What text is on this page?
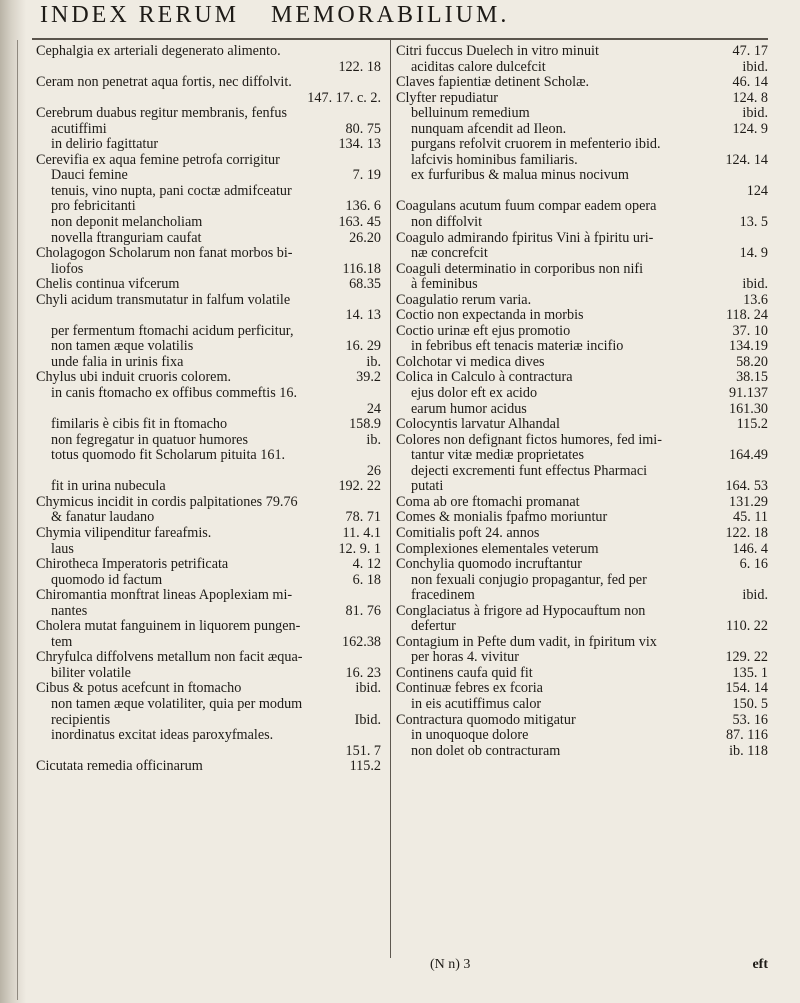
INDEX RERUM MEMORABILIUM.
Cephalgia ex arteriali degenerato alimento.
122. 18
Ceram non penetrat aqua fortis, nec diffolvit.
147. 17. c. 2.
Cerebrum duabus regitur membranis, fenfus
acutiffimi	80. 75
in delirio fagittatur	134. 13
Cerevifia ex aqua femine petrofa corrigitur
Dauci femine	7. 19
tenuis, vino nupta, pani coctæ admifceatur
pro febricitanti	136. 6
non deponit melancholiam	163. 45
novella ftranguriam caufat	26.20
Cholagogon Scholarum non fanat morbos bi-
liofos	116.18
Chelis continua vifcerum	68.35
Chyli acidum transmutatur in falfum volatile
14. 13
per fermentum ftomachi acidum perficitur,
non tamen æque volatilis	16. 29
unde falia in urinis fixa	ib.
Chylus ubi induit cruoris colorem.	39.2
in canis ftomacho ex offibus commeftis 16.
24
fimilaris è cibis fit in ftomacho	158.9
non fegregatur in quatuor humores	ib.
totus quomodo fit Scholarum pituita 161.
26
fit in urina nubecula	192. 22
Chymicus incidit in cordis palpitationes 79.76
& fanatur laudano	78. 71
Chymia vilipenditur fareafmis.	11. 4.1
laus	12. 9. 1
Chirotheca Imperatoris petrificata	4. 12
quomodo id factum	6. 18
Chiromantia monftrat lineas Apoplexiam mi-
nantes	81. 76
Cholera mutat fanguinem in liquorem pungen-
tem	162.38
Chryfulca diffolvens metallum non facit æqua-
biliter volatile	16. 23
Cibus & potus acefcunt in ftomacho	ibid.
non tamen æque volatiliter, quia per modum
recipientis	Ibid.
inordinatus excitat ideas paroxyfmales.
151. 7
Cicutata remedia officinarum	115.2
Citri fuccus Duelech in vitro minuit	47. 17
aciditas calore dulcefcit	ibid.
Claves fapientiæ detinent Scholæ.	46. 14
Clyfter repudiatur	124. 8
belluinum remedium	ibid.
nunquam afcendit ad Ileon.	124. 9
purgans refolvit cruorem in mefenterio ibid.
lafcivis hominibus familiaris.	124. 14
ex furfuribus & malua minus nocivum
124
Coagulans acutum fuum compar eadem opera
non diffolvit	13. 5
Coagulo admirando fpiritus Vini à fpiritu uri-
næ concrefcit	14. 9
Coaguli determinatio in corporibus non nifi
à feminibus	ibid.
Coagulatio rerum varia.	13.6
Coctio non expectanda in morbis	118. 24
Coctio urinæ eft ejus promotio	37. 10
in febribus eft tenacis materiæ incifio	134.19
Colchotar vi medica dives	58.20
Colica in Calculo à contractura	38.15
ejus dolor eft ex acido	91.137
earum humor acidus	161.30
Colocyntis larvatur Alhandal	115.2
Colores non defignant fictos humores, fed imi-
tantur vitæ mediæ proprietates	164.49
dejecti excrementi funt effectus Pharmaci
putati	164. 53
Coma ab ore ftomachi promanat	131.29
Comes & monialis fpafmo moriuntur	45. 11
Comitialis poft 24. annos	122. 18
Complexiones elementales veterum	146. 4
Conchylia quomodo incruftantur	6. 16
non fexuali conjugio propagantur, fed per
fracedinem	ibid.
Conglaciatus à frigore ad Hypocauftum non
defertur	110. 22
Contagium in Pefte dum vadit, in fpiritum vix
per horas 4. vivitur	129. 22
Continens caufa quid fit	135. 1
Continuæ febres ex fcoria	154. 14
in eis acutiffimus calor	150. 5
Contractura quomodo mitigatur	53. 16
in unoquoque dolore	87. 116
non dolet ob contracturam	ib. 118
(N n) 3	eft
